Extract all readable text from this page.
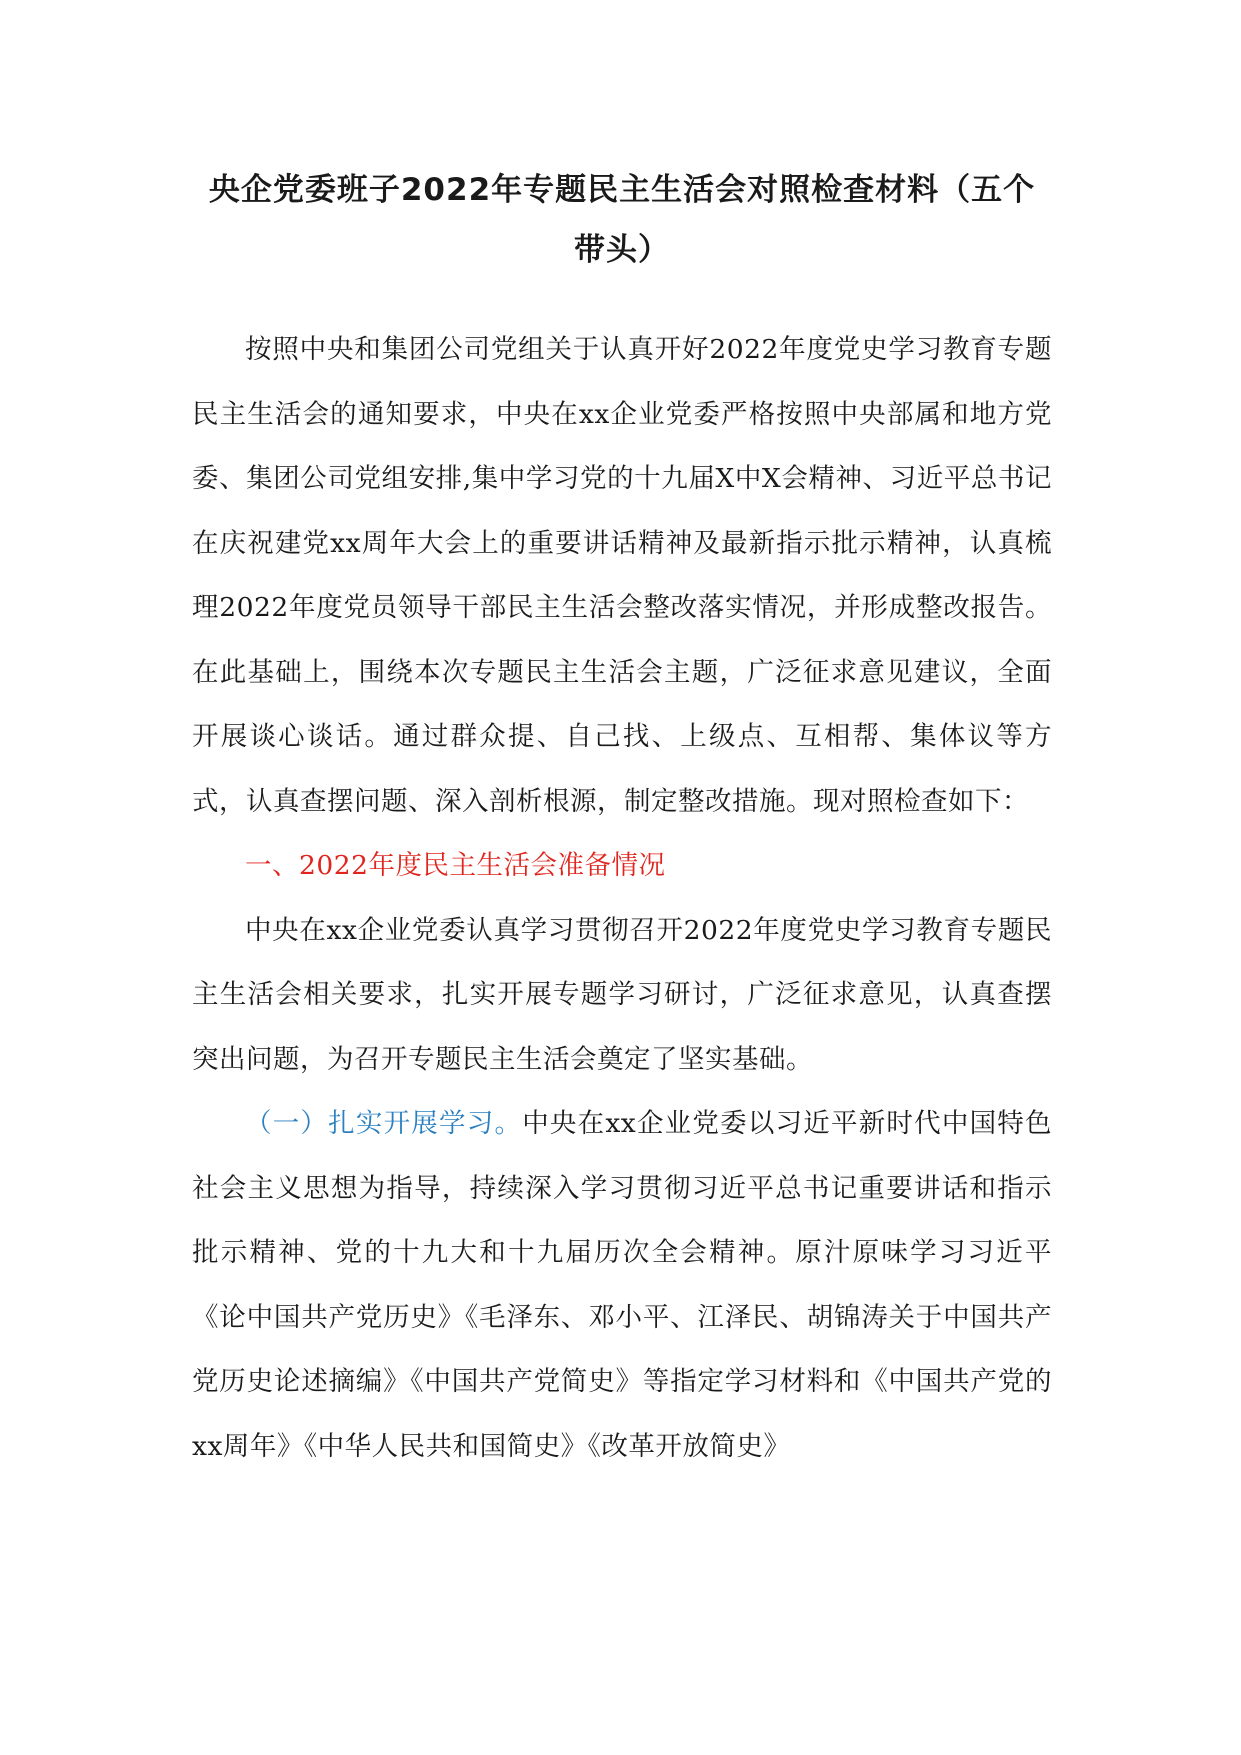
央企党委班子2022年专题民主生活会对照检查材料（五个
带头）

按照中央和集团公司党组关于认真开好2022年度党史学习教育专题民主生活会的通知要求，中央在xx企业党委严格按照中央部属和地方党委、集团公司党组安排,集中学习党的十九届X中X会精神、习近平总书记在庆祝建党xx周年大会上的重要讲话精神及最新指示批示精神，认真梳理2022年度党员领导干部民主生活会整改落实情况，并形成整改报告。在此基础上，围绕本次专题民主生活会主题，广泛征求意见建议，全面开展谈心谈话。通过群众提、自己找、上级点、互相帮、集体议等方式，认真查摆问题、深入剖析根源，制定整改措施。现对照检查如下：

一、2022年度民主生活会准备情况

中央在xx企业党委认真学习贯彻召开2022年度党史学习教育专题民主生活会相关要求，扎实开展专题学习研讨，广泛征求意见，认真查摆突出问题，为召开专题民主生活会奠定了坚实基础。

（一）扎实开展学习。中央在xx企业党委以习近平新时代中国特色社会主义思想为指导，持续深入学习贯彻习近平总书记重要讲话和指示批示精神、党的十九大和十九届历次全会精神。原汁原味学习习近平《论中国共产党历史》《毛泽东、邓小平、江泽民、胡锦涛关于中国共产党历史论述摘编》《中国共产党简史》等指定学习材料和《中国共产党的xx周年》《中华人民共和国简史》《改革开放简史》
